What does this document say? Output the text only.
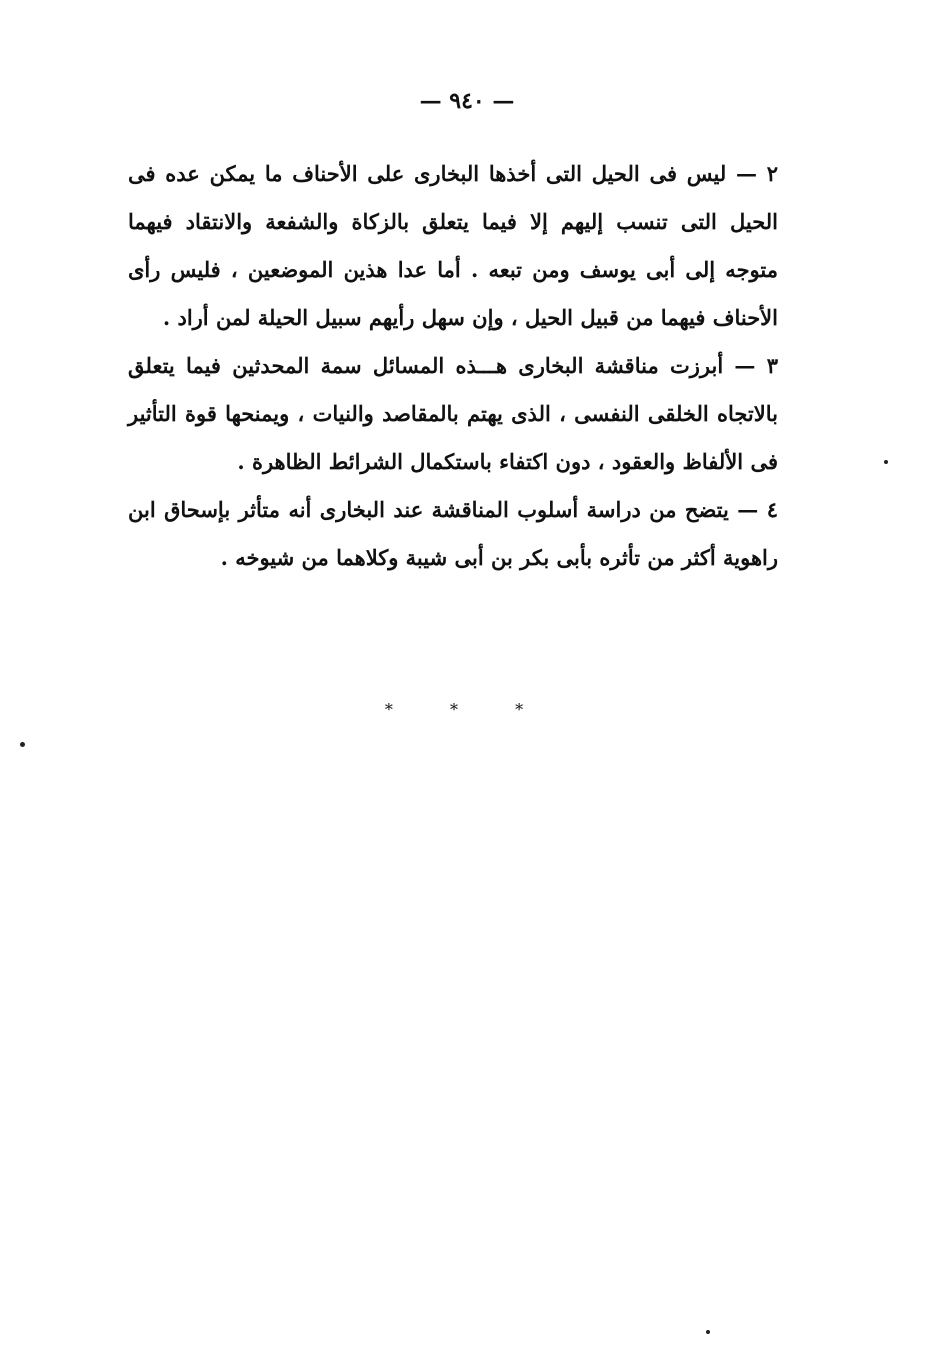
— ٩٤٠ —

٢ — ليس فى الحيل التى أخذها البخارى على الأحناف ما يمكن عده فى الحيل التى تنسب إليهم إلا فيما يتعلق بالزكاة والشفعة والانتقاد فيهما متوجه إلى أبى يوسف ومن تبعه . أما عدا هذين الموضعين ، فليس رأى الأحناف فيهما من قبيل الحيل ، وإن سهل رأيهم سبيل الحيلة لمن أراد .

٣ — أبرزت مناقشة البخارى هـــذه المسائل سمة المحدثين فيما يتعلق بالاتجاه الخلقى النفسى ، الذى يهتم بالمقاصد والنيات ، ويمنحها قوة التأثير فى الألفاظ والعقود ، دون اكتفاء باستكمال الشرائط الظاهرة .

٤ — يتضح من دراسة أسلوب المناقشة عند البخارى أنه متأثر بإسحاق ابن راهوية أكثر من تأثره بأبى بكر بن أبى شيبة وكلاهما من شيوخه .

* * *
